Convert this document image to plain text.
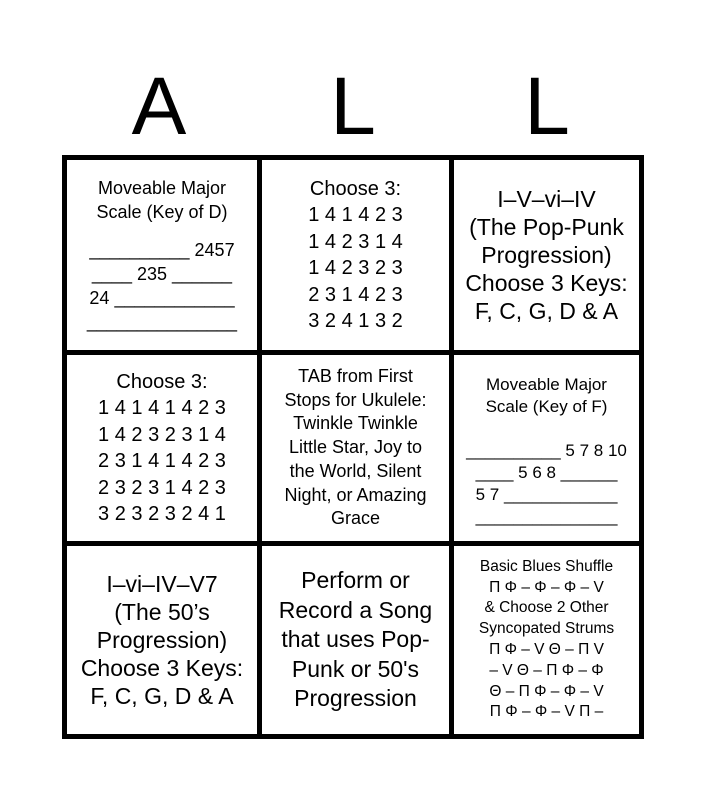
A	L	L
Moveable Major
Scale (Key of D)
__________ 2457
____ 235 ______
24 ____________
_______________
Choose 3:
1 4 1 4 2 3
1 4 2 3 1 4
1 4 2 3 2 3
2 3 1 4 2 3
3 2 4 1 3 2
I–V–vi–IV
(The Pop-Punk
Progression)
Choose 3 Keys:
F, C, G, D & A
Choose 3:
1 4 1 4 1 4 2 3
1 4 2 3 2 3 1 4
2 3 1 4 1 4 2 3
2 3 2 3 1 4 2 3
3 2 3 2 3 2 4 1
TAB from First
Stops for Ukulele:
Twinkle Twinkle
Little Star, Joy to
the World, Silent
Night, or Amazing
Grace
Moveable Major
Scale (Key of F)
__________ 5 7 8 10
____ 5 6 8 ______
5 7 ____________
_______________
I–vi–IV–V7
(The 50’s
Progression)
Choose 3 Keys:
F, C, G, D & A
Perform or
Record a Song
that uses Pop-
Punk or 50's
Progression
Basic Blues Shuffle
Π Φ – Φ – Φ – V
& Choose 2 Other
Syncopated Strums
Π Φ – V Θ – Π V
– V Θ – Π Φ – Φ
Θ – Π Φ – Φ – V
Π Φ – Φ – V Π –
